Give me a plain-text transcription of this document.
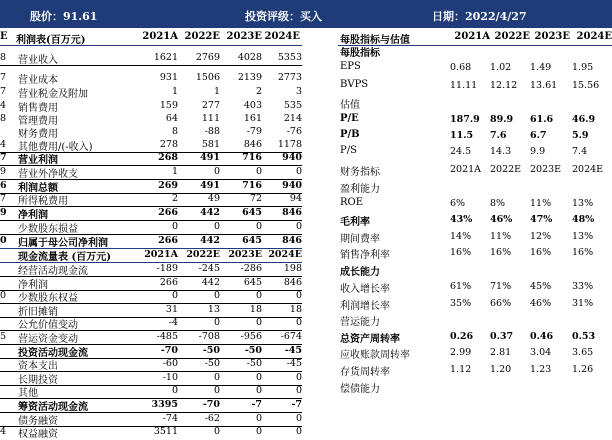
股价：91.61	投资评级：买入	日期：2022/4/27
E 利润表(百万元)	2021A 2022E 2023E 2024E
8 营业收入	1621	2769	4028	5353
7 营业成本	931	1506	2139	2773
7 营业税金及附加	1	1	2	3
4 销售费用	159	277	403	535
8 管理费用	64	111	161	214
财务费用	8	-88	-79	-76
4 其他费用/(-收入)	278	581	846	1178
7 营业利润	268	491	716	940
9 营业外净收支	1	0	0	0
6 利润总额	269	491	716	940
7 所得税费用	2	49	72	94
9 净利润	266	442	645	846
少数股东损益	0	0	0	0
0 归属于母公司净利润	266	442	645	846
现金流量表 (百万元)	2021A 2022E 2023E 2024E
经营活动现金流	-189	-245	-286	198
净利润	266	442	645	846
0 少数股东权益	0	0	0	0
折旧摊销	31	13	18	18
公允价值变动	-4	0	0	0
5 营运资金变动	-485	-708	-956	-674
投资活动现金流	-70	-50	-50	-45
资本支出	-60	-50	-50	-45
长期投资	-10	0	0	0
其他	0	0	0	0
筹资活动现金流	3395	-70	-7	-7
债务融资	-74	-62	0	0
4 权益融资	3511	0	0	0
每股指标与估值	2021A 2022E 2023E 2024E
每股指标
EPS	0.68 1.02 1.49 1.95
BVPS	11.11 12.12 13.61 15.56
估值
P/E	187.9 89.9 61.6 46.9
P/B	11.5 7.6 6.7	5.9
P/S	24.5 14.3 9.9	7.4
财务指标	2021A 2022E 2023E 2024E
盈利能力
ROE	6%	8%	11% 13%
毛利率	43% 46% 47% 48%
期间费率	14% 11% 12% 13%
销售净利率	16% 16% 16% 16%
成长能力
收入增长率	61% 71% 45% 33%
利润增长率	35% 66% 46% 31%
营运能力
总资产周转率	0.26 0.37 0.46 0.53
应收账款周转率	2.99 2.81 3.04 3.65
存货周转率	1.12 1.20 1.23 1.26
偿债能力
